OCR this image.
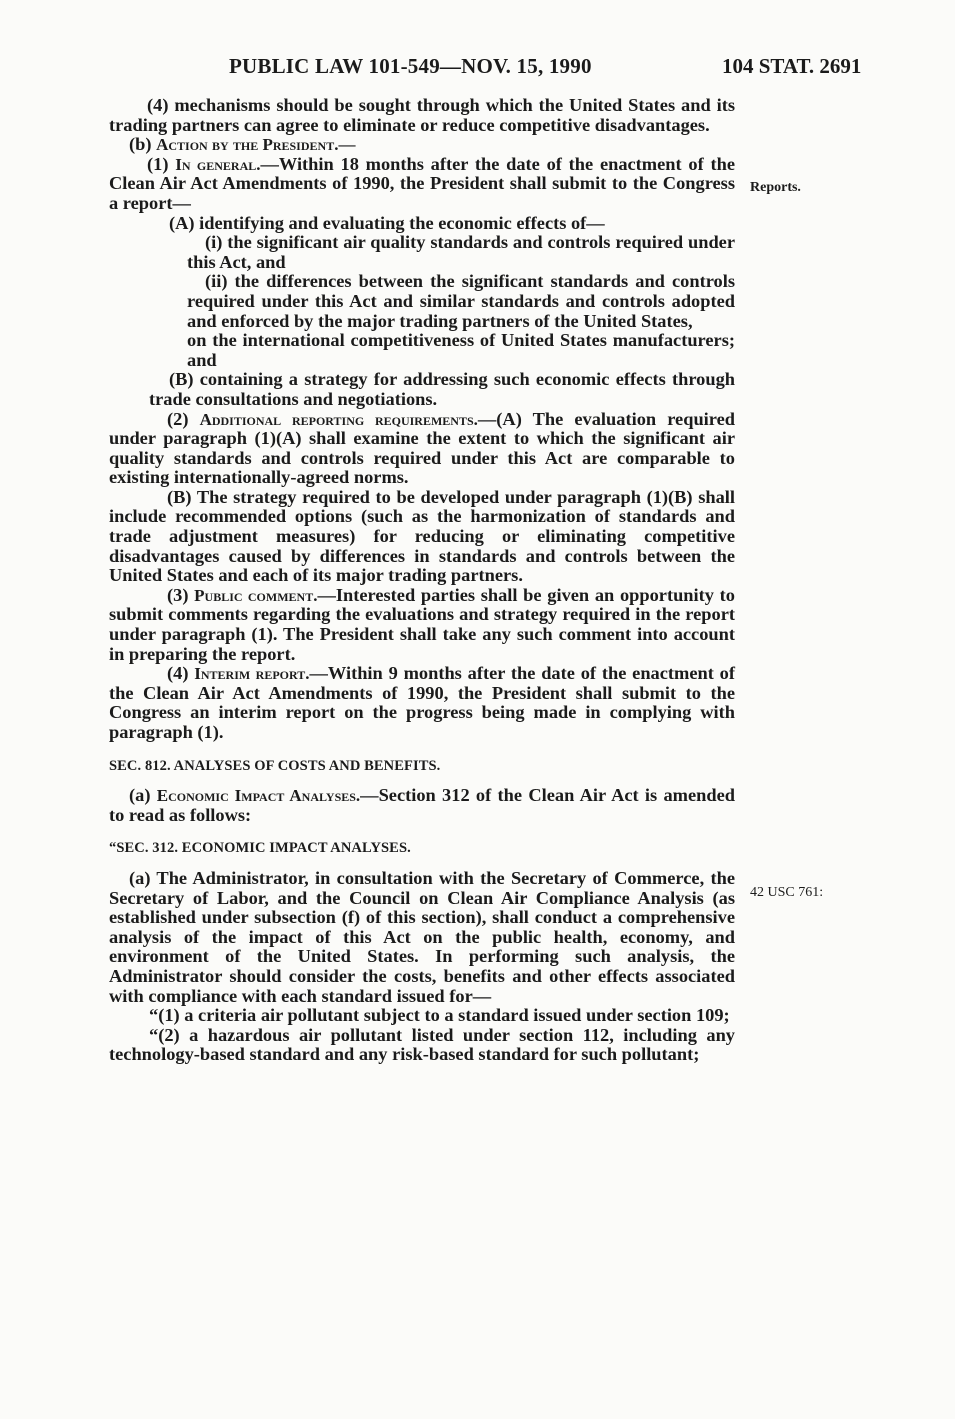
PUBLIC LAW 101-549—NOV. 15, 1990	104 STAT. 2691
Reports.
42 USC 761:

(4) mechanisms should be sought through which the United States and its trading partners can agree to eliminate or reduce competitive disadvantages.

(b) Action by the President.—

(1) In general.—Within 18 months after the date of the enactment of the Clean Air Act Amendments of 1990, the President shall submit to the Congress a report—

(A) identifying and evaluating the economic effects of—

(i) the significant air quality standards and controls required under this Act, and

(ii) the differences between the significant standards and controls required under this Act and similar standards and controls adopted and enforced by the major trading partners of the United States,

on the international competitiveness of United States manufacturers; and

(B) containing a strategy for addressing such economic effects through trade consultations and negotiations.

(2) Additional reporting requirements.—(A) The evaluation required under paragraph (1)(A) shall examine the extent to which the significant air quality standards and controls required under this Act are comparable to existing internationally-agreed norms.

(B) The strategy required to be developed under paragraph (1)(B) shall include recommended options (such as the harmonization of standards and trade adjustment measures) for reducing or eliminating competitive disadvantages caused by differences in standards and controls between the United States and each of its major trading partners.

(3) Public comment.—Interested parties shall be given an opportunity to submit comments regarding the evaluations and strategy required in the report under paragraph (1). The President shall take any such comment into account in preparing the report.

(4) Interim report.—Within 9 months after the date of the enactment of the Clean Air Act Amendments of 1990, the President shall submit to the Congress an interim report on the progress being made in complying with paragraph (1).

SEC. 812. ANALYSES OF COSTS AND BENEFITS.

(a) Economic Impact Analyses.—Section 312 of the Clean Air Act is amended to read as follows:

“SEC. 312. ECONOMIC IMPACT ANALYSES.

(a) The Administrator, in consultation with the Secretary of Commerce, the Secretary of Labor, and the Council on Clean Air Compliance Analysis (as established under subsection (f) of this section), shall conduct a comprehensive analysis of the impact of this Act on the public health, economy, and environment of the United States. In performing such analysis, the Administrator should consider the costs, benefits and other effects associated with compliance with each standard issued for—

“(1) a criteria air pollutant subject to a standard issued under section 109;

“(2) a hazardous air pollutant listed under section 112, including any technology-based standard and any risk-based standard for such pollutant;
